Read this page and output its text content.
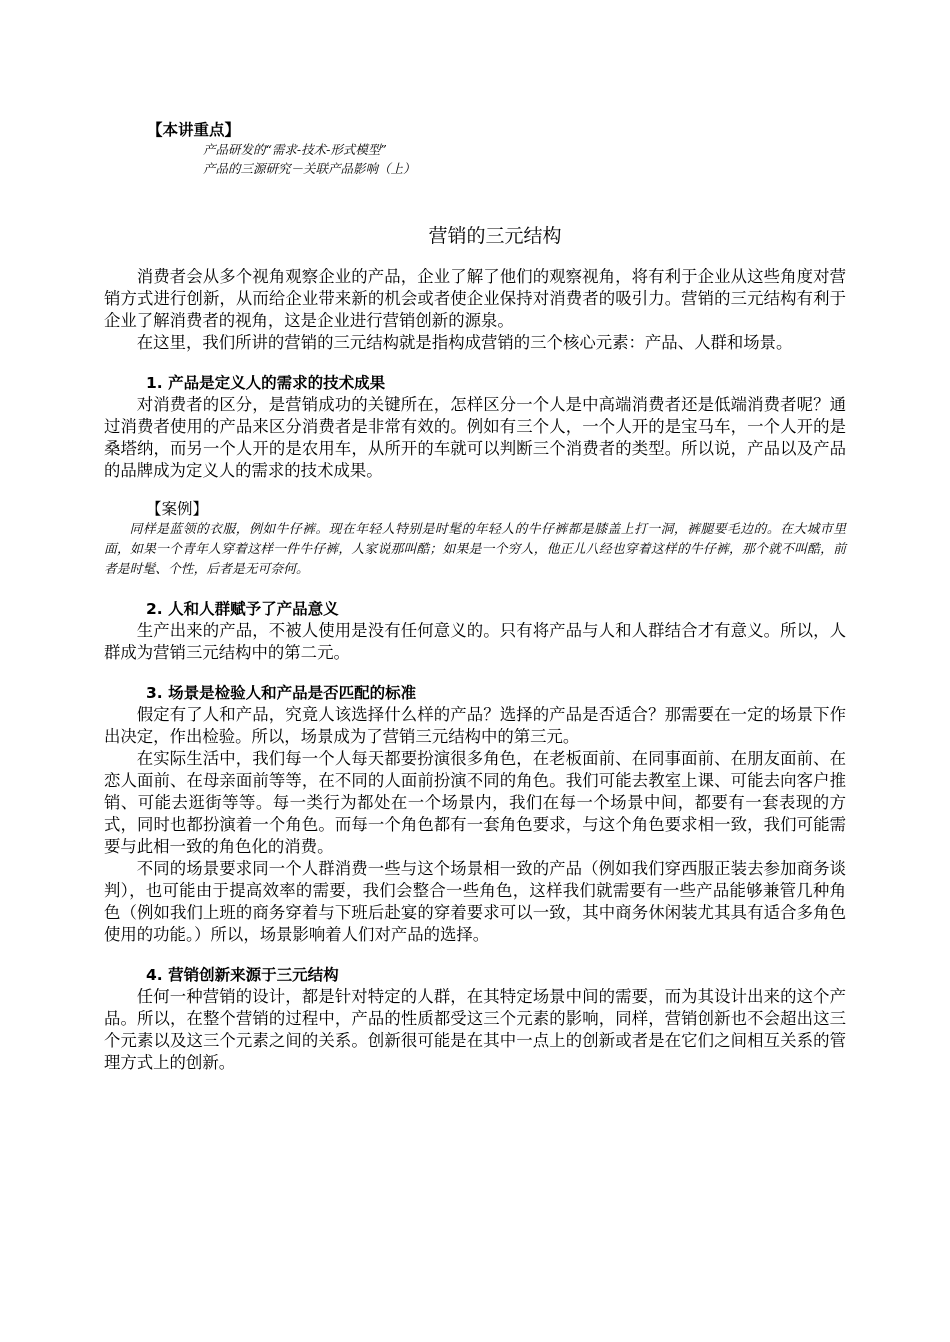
【本讲重点】
产品研发的“需求-技术-形式模型”
产品的三源研究－关联产品影响（上）
营销的三元结构

消费者会从多个视角观察企业的产品，企业了解了他们的观察视角，将有利于企业从这些角度对营销方式进行创新，从而给企业带来新的机会或者使企业保持对消费者的吸引力。营销的三元结构有利于企业了解消费者的视角，这是企业进行营销创新的源泉。

在这里，我们所讲的营销的三元结构就是指构成营销的三个核心元素：产品、人群和场景。

1. 产品是定义人的需求的技术成果

对消费者的区分，是营销成功的关键所在，怎样区分一个人是中高端消费者还是低端消费者呢？通过消费者使用的产品来区分消费者是非常有效的。例如有三个人，一个人开的是宝马车，一个人开的是桑塔纳，而另一个人开的是农用车，从所开的车就可以判断三个消费者的类型。所以说，产品以及产品的品牌成为定义人的需求的技术成果。

【案例】

同样是蓝领的衣服，例如牛仔裤。现在年轻人特别是时髦的年轻人的牛仔裤都是膝盖上打一洞，裤腿要毛边的。在大城市里面，如果一个青年人穿着这样一件牛仔裤，人家说那叫酷；如果是一个穷人，他正儿八经也穿着这样的牛仔裤，那个就不叫酷，前者是时髦、个性，后者是无可奈何。

2. 人和人群赋予了产品意义

生产出来的产品，不被人使用是没有任何意义的。只有将产品与人和人群结合才有意义。所以，人群成为营销三元结构中的第二元。

3. 场景是检验人和产品是否匹配的标准

假定有了人和产品，究竟人该选择什么样的产品？选择的产品是否适合？那需要在一定的场景下作出决定，作出检验。所以，场景成为了营销三元结构中的第三元。

在实际生活中，我们每一个人每天都要扮演很多角色，在老板面前、在同事面前、在朋友面前、在恋人面前、在母亲面前等等，在不同的人面前扮演不同的角色。我们可能去教室上课、可能去向客户推销、可能去逛街等等。每一类行为都处在一个场景内，我们在每一个场景中间，都要有一套表现的方式，同时也都扮演着一个角色。而每一个角色都有一套角色要求，与这个角色要求相一致，我们可能需要与此相一致的角色化的消费。

不同的场景要求同一个人群消费一些与这个场景相一致的产品（例如我们穿西服正装去参加商务谈判），也可能由于提高效率的需要，我们会整合一些角色，这样我们就需要有一些产品能够兼管几种角色（例如我们上班的商务穿着与下班后赴宴的穿着要求可以一致，其中商务休闲装尤其具有适合多角色使用的功能。）所以，场景影响着人们对产品的选择。

4. 营销创新来源于三元结构

任何一种营销的设计，都是针对特定的人群，在其特定场景中间的需要，而为其设计出来的这个产品。所以，在整个营销的过程中，产品的性质都受这三个元素的影响，同样，营销创新也不会超出这三个元素以及这三个元素之间的关系。创新很可能是在其中一点上的创新或者是在它们之间相互关系的管理方式上的创新。
